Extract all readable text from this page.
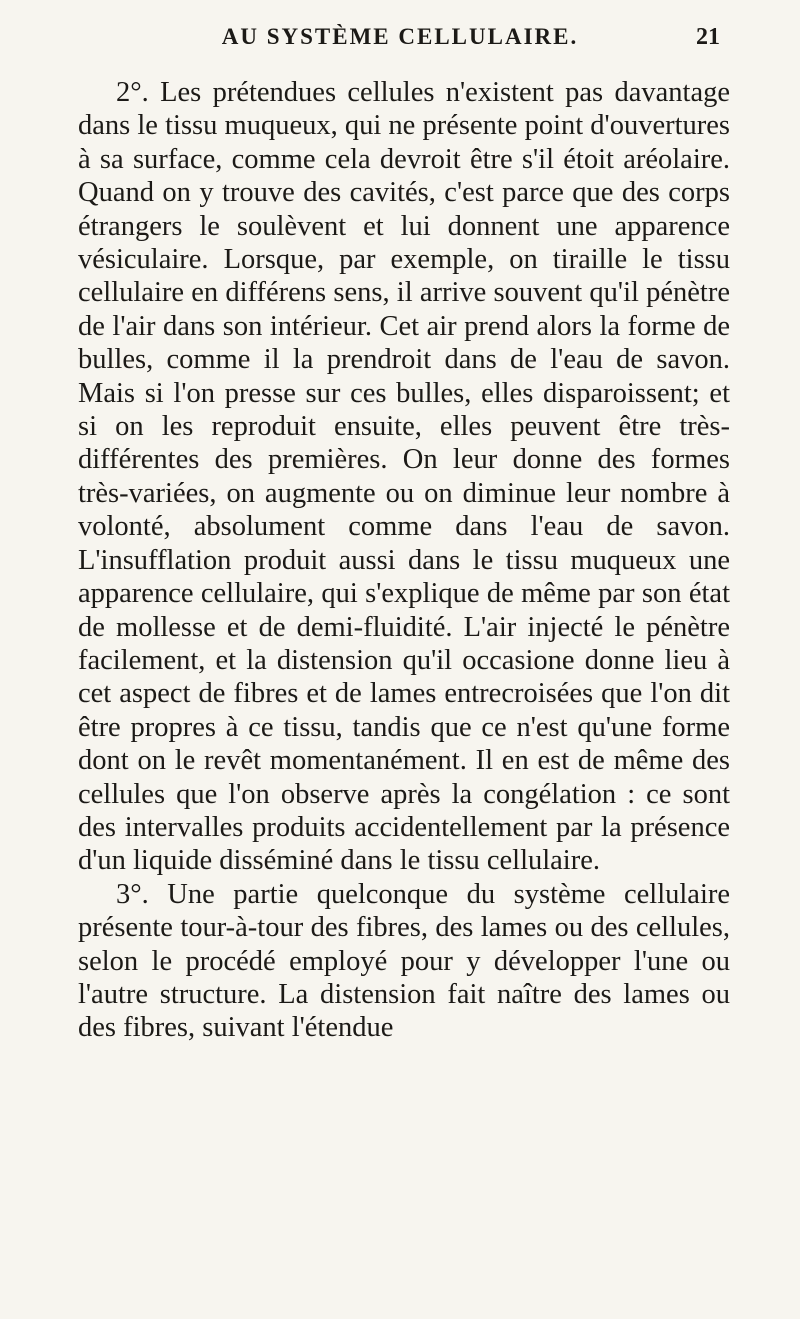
AU SYSTÈME CELLULAIRE.	21

2°. Les prétendues cellules n'existent pas davantage dans le tissu muqueux, qui ne présente point d'ouvertures à sa surface, comme cela devroit être s'il étoit aréolaire. Quand on y trouve des cavités, c'est parce que des corps étrangers le soulèvent et lui donnent une apparence vésiculaire. Lorsque, par exemple, on tiraille le tissu cellulaire en différens sens, il arrive souvent qu'il pénètre de l'air dans son intérieur. Cet air prend alors la forme de bulles, comme il la prendroit dans de l'eau de savon. Mais si l'on presse sur ces bulles, elles disparoissent; et si on les reproduit ensuite, elles peuvent être très-différentes des premières. On leur donne des formes très-variées, on augmente ou on diminue leur nombre à volonté, absolument comme dans l'eau de savon. L'insufflation produit aussi dans le tissu muqueux une apparence cellulaire, qui s'explique de même par son état de mollesse et de demi-fluidité. L'air injecté le pénètre facilement, et la distension qu'il occasione donne lieu à cet aspect de fibres et de lames entrecroisées que l'on dit être propres à ce tissu, tandis que ce n'est qu'une forme dont on le revêt momentanément. Il en est de même des cellules que l'on observe après la congélation : ce sont des intervalles produits accidentellement par la présence d'un liquide disséminé dans le tissu cellulaire.

3°. Une partie quelconque du système cellulaire présente tour-à-tour des fibres, des lames ou des cellules, selon le procédé employé pour y développer l'une ou l'autre structure. La distension fait naître des lames ou des fibres, suivant l'étendue
